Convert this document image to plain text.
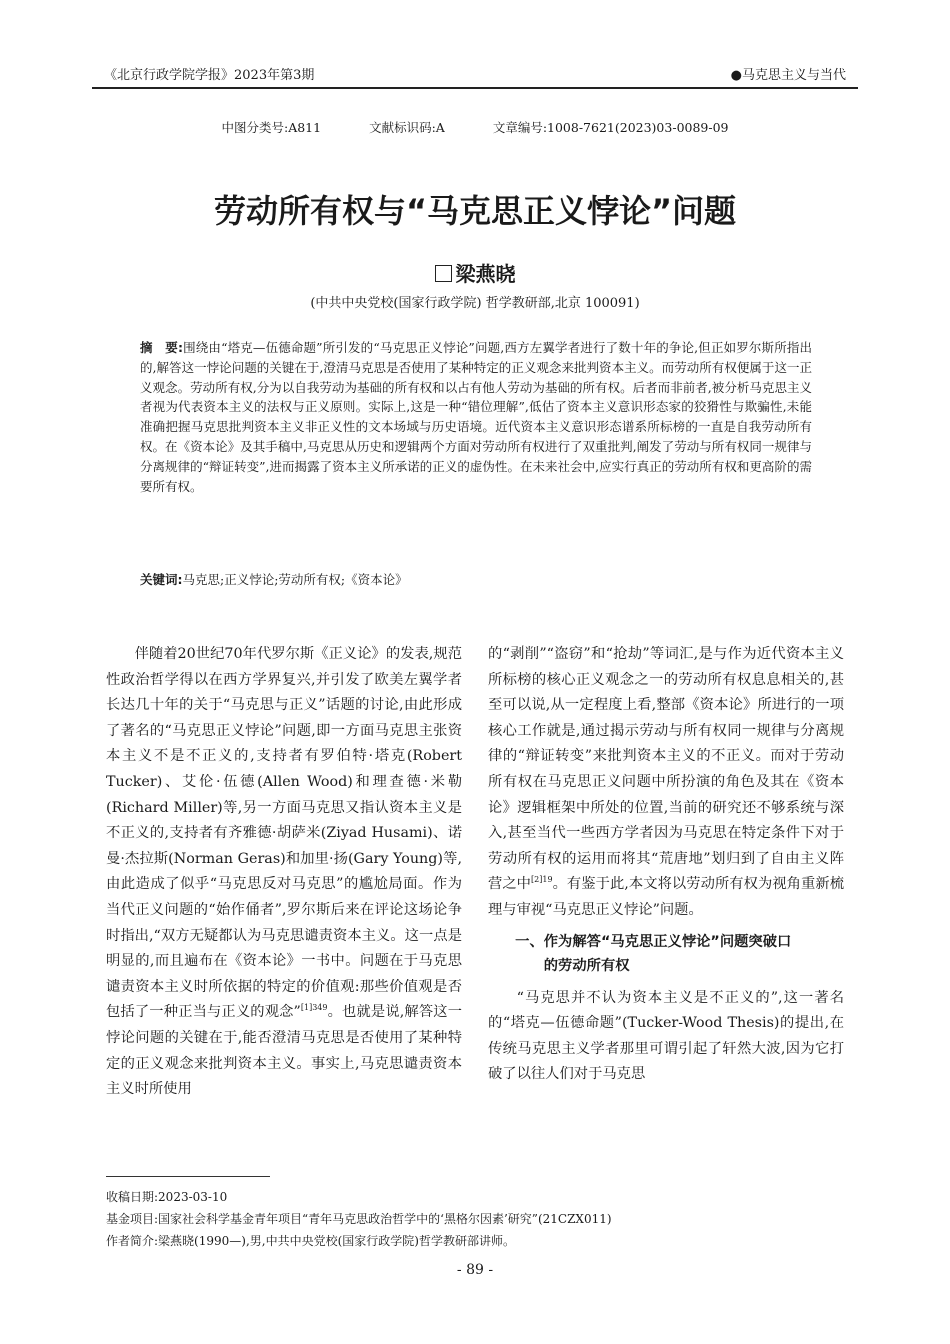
《北京行政学院学报》2023年第3期	●马克思主义与当代
中图分类号:A811	文献标识码:A	文章编号:1008-7621(2023)03-0089-09
劳动所有权与“马克思正义悖论”问题
梁燕晓
(中共中央党校(国家行政学院) 哲学教研部,北京 100091)
摘　要:围绕由“塔克—伍德命题”所引发的“马克思正义悖论”问题,西方左翼学者进行了数十年的争论,但正如罗尔斯所指出的,解答这一悖论问题的关键在于,澄清马克思是否使用了某种特定的正义观念来批判资本主义。而劳动所有权便属于这一正义观念。劳动所有权,分为以自我劳动为基础的所有权和以占有他人劳动为基础的所有权。后者而非前者,被分析马克思主义者视为代表资本主义的法权与正义原则。实际上,这是一种“错位理解”,低估了资本主义意识形态家的狡猾性与欺骗性,未能准确把握马克思批判资本主义非正义性的文本场域与历史语境。近代资本主义意识形态谱系所标榜的一直是自我劳动所有权。在《资本论》及其手稿中,马克思从历史和逻辑两个方面对劳动所有权进行了双重批判,阐发了劳动与所有权同一规律与分离规律的“辩证转变”,进而揭露了资本主义所承诺的正义的虚伪性。在未来社会中,应实行真正的劳动所有权和更高阶的需要所有权。
关键词:马克思;正义悖论;劳动所有权;《资本论》

伴随着20世纪70年代罗尔斯《正义论》的发表,规范性政治哲学得以在西方学界复兴,并引发了欧美左翼学者长达几十年的关于“马克思与正义”话题的讨论,由此形成了著名的“马克思正义悖论”问题,即一方面马克思主张资本主义不是不正义的,支持者有罗伯特·塔克(Robert Tucker)、艾伦·伍德(Allen Wood)和理查德·米勒(Richard Miller)等,另一方面马克思又指认资本主义是不正义的,支持者有齐雅德·胡萨米(Ziyad Husami)、诺曼·杰拉斯(Norman Geras)和加里·扬(Gary Young)等,由此造成了似乎“马克思反对马克思”的尴尬局面。作为当代正义问题的“始作俑者”,罗尔斯后来在评论这场论争时指出,“双方无疑都认为马克思谴责资本主义。这一点是明显的,而且遍布在《资本论》一书中。问题在于马克思谴责资本主义时所依据的特定的价值观:那些价值观是否包括了一种正当与正义的观念”$^{[1]349}$。也就是说,解答这一悖论问题的关键在于,能否澄清马克思是否使用了某种特定的正义观念来批判资本主义。事实上,马克思谴责资本主义时所使用

的“剥削”“盗窃”和“抢劫”等词汇,是与作为近代资本主义所标榜的核心正义观念之一的劳动所有权息息相关的,甚至可以说,从一定程度上看,整部《资本论》所进行的一项核心工作就是,通过揭示劳动与所有权同一规律与分离规律的“辩证转变”来批判资本主义的不正义。而对于劳动所有权在马克思正义问题中所扮演的角色及其在《资本论》逻辑框架中所处的位置,当前的研究还不够系统与深入,甚至当代一些西方学者因为马克思在特定条件下对于劳动所有权的运用而将其“荒唐地”划归到了自由主义阵营之中$^{[2]19}$。有鉴于此,本文将以劳动所有权为视角重新梳理与审视“马克思正义悖论”问题。

一、作为解答“马克思正义悖论”问题突破口
的劳动所有权

“马克思并不认为资本主义是不正义的”,这一著名的“塔克—伍德命题”(Tucker-Wood Thesis)的提出,在传统马克思主义学者那里可谓引起了轩然大波,因为它打破了以往人们对于马克思

收稿日期:2023-03-10
基金项目:国家社会科学基金青年项目“青年马克思政治哲学中的‘黑格尔因素’研究”(21CZX011)
作者简介:梁燕晓(1990—),男,中共中央党校(国家行政学院)哲学教研部讲师。
- 89 -
